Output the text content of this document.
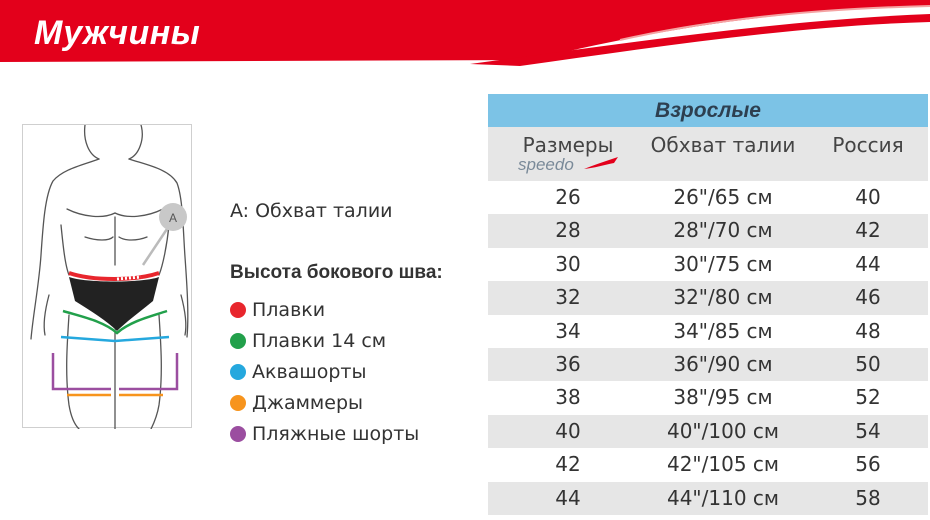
Мужчины
A	A: Обхват талии
Высота бокового шва:
Плавки
Плавки 14 см
Аквашорты
Джаммеры
Пляжные шорты
Взрослые
Размеры	Обхват талии	Россия
speedo
26	26"/65 см	40
28	28"/70 см	42
30	30"/75 см	44
32	32"/80 см	46
34	34"/85 см	48
36	36"/90 см	50
38	38"/95 см	52
40	40"/100 см	54
42	42"/105 см	56
44	44"/110 см	58
